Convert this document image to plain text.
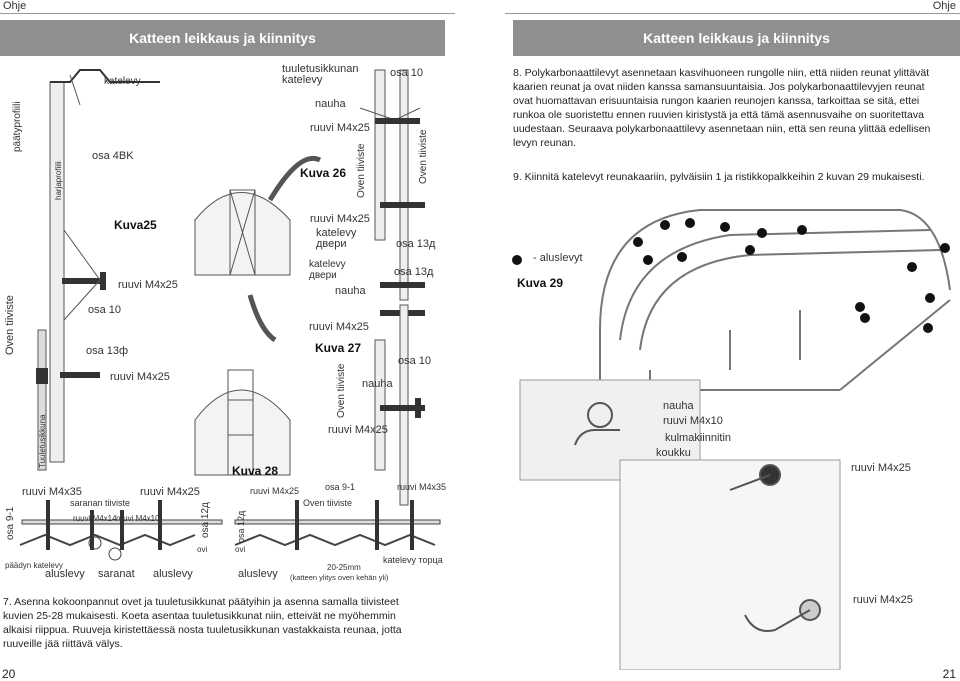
Ohje	Ohje
Katteen leikkaus ja kiinnitys	Katteen leikkaus ja kiinnitys
katelevy
päätyprofiili
harjaprofiili
osa 4BK
Kuva25
ruuvi M4x25
osa 10
osa 13ф
ruuvi M4x25
Oven tiiviste
Tuuletusikkuna
tuuletusikkunan
katelevy
osa 10
nauha
ruuvi M4x25
Kuva 26 Oven tiiviste	Oven tiiviste
ruuvi M4x25
katelevy
двери	osa 13д
katelevy
двери	osa 13д
nauha
ruuvi M4x25
Kuva 27
osa 10
nauha
Oven tiiviste
ruuvi M4x25
Kuva 28
ruuvi M4x35
saranan tiiviste
ruuvi M4x25
ruuvi M4x14 ruuvi M4x10
osa 9-1	osa 12д
ovi
päädyn katelevy
aluslevy saranat aluslevy
ruuvi M4x25	osa 9-1	ruuvi M4x35
Oven tiiviste
osa 12д
ovi
aluslevy
20-25mm
(katteen ylitys oven kehän yli)
katelevy торца
7. Asenna kokoonpannut ovet ja tuuletusikkunat päätyihin ja asenna samalla tiivisteet
kuvien 25-28 mukaisesti. Koeta asentaa tuuletusikkunat niin, etteivät ne myöhemmin
alkaisi riippua. Ruuveja kiristettäessä nosta tuuletusikkunan vastakkaista reunaa, jotta
ruuveille jää riittävä välys.
20
8. Polykarbonaattilevyt asennetaan kasvihuoneen rungolle niin, että niiden reunat ylittävät
kaarien reunat ja ovat niiden kanssa samansuuntaisia. Jos polykarbonaattilevyjen reunat
ovat huomattavan erisuuntaisia rungon kaarien reunojen kanssa, tarkoittaa se sitä, ettei
runkoa ole suoristettu ennen ruuvien kiristystä ja että tämä asennusvaihe on suoritettava
uudestaan. Seuraava polykarbonaattilevy asennetaan niin, että sen reuna ylittää edellisen
levyn reunan.
9. Kiinnitä katelevyt reunakaariin, pylväisiin 1 ja ristikkopalkkeihin 2 kuvan 29 mukaisesti.
- aluslevyt
Kuva 29
nauha
ruuvi M4x10
kulmakiinnitin
koukku
ruuvi M4x25
ruuvi M4x25
21
